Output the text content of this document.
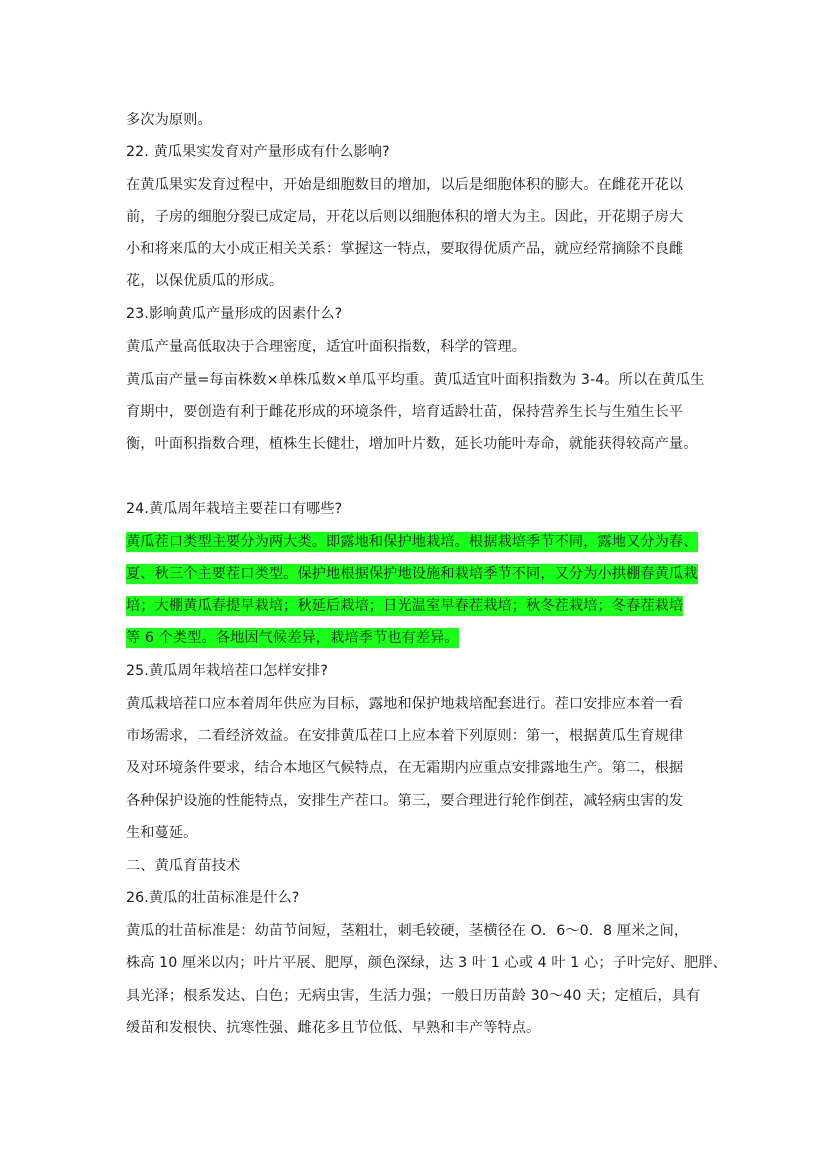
多次为原则。
22. 黄瓜果实发育对产量形成有什么影响?
在黄瓜果实发育过程中，开始是细胞数目的增加，以后是细胞体积的膨大。在雌花开花以
前，子房的细胞分裂已成定局，开花以后则以细胞体积的增大为主。因此，开花期子房大
小和将来瓜的大小成正相关关系：掌握这一特点，要取得优质产品，就应经常摘除不良雌
花，以保优质瓜的形成。
23.影响黄瓜产量形成的因素什么?
黄瓜产量高低取决于合理密度，适宜叶面积指数，科学的管理。
黄瓜亩产量=每亩株数×单株瓜数×单瓜平均重。黄瓜适宜叶面积指数为 3-4。所以在黄瓜生
育期中，要创造有利于雌花形成的环境条件，培育适龄壮苗，保持营养生长与生殖生长平
衡，叶面积指数合理，植株生长健壮，增加叶片数，延长功能叶寿命，就能获得较高产量。
24.黄瓜周年栽培主要茬口有哪些?
黄瓜茬口类型主要分为两大类。即露地和保护地栽培。根据栽培季节不同，露地又分为春、
夏、秋三个主要茬口类型。保护地根据保护地设施和栽培季节不同，又分为小拱棚春黄瓜栽
培；大棚黄瓜春提早栽培；秋延后栽培；日光温室早春茬栽培；秋冬茬栽培；冬春茬栽培
等 6 个类型。各地因气候差异，栽培季节也有差异。
25.黄瓜周年栽培茬口怎样安排?
黄瓜栽培茬口应本着周年供应为目标，露地和保护地栽培配套进行。茬口安排应本着一看
市场需求，二看经济效益。在安排黄瓜茬口上应本着下列原则：第一，根据黄瓜生育规律
及对环境条件要求，结合本地区气候特点，在无霜期内应重点安排露地生产。第二，根据
各种保护设施的性能特点，安排生产茬口。第三，要合理进行轮作倒茬，减轻病虫害的发
生和蔓延。
二、黄瓜育苗技术
26.黄瓜的壮苗标准是什么?
黄瓜的壮苗标准是：幼苗节间短，茎粗壮，刺毛较硬，茎横径在 O．6～0．8 厘米之间，
株高 10 厘米以内；叶片平展、肥厚，颜色深绿，达 3 叶 1 心或 4 叶 1 心；子叶完好、肥胖、
具光泽；根系发达、白色；无病虫害，生活力强；一般日历苗龄 30～40 天；定植后，具有
缓苗和发根快、抗寒性强、雌花多且节位低、早熟和丰产等特点。
